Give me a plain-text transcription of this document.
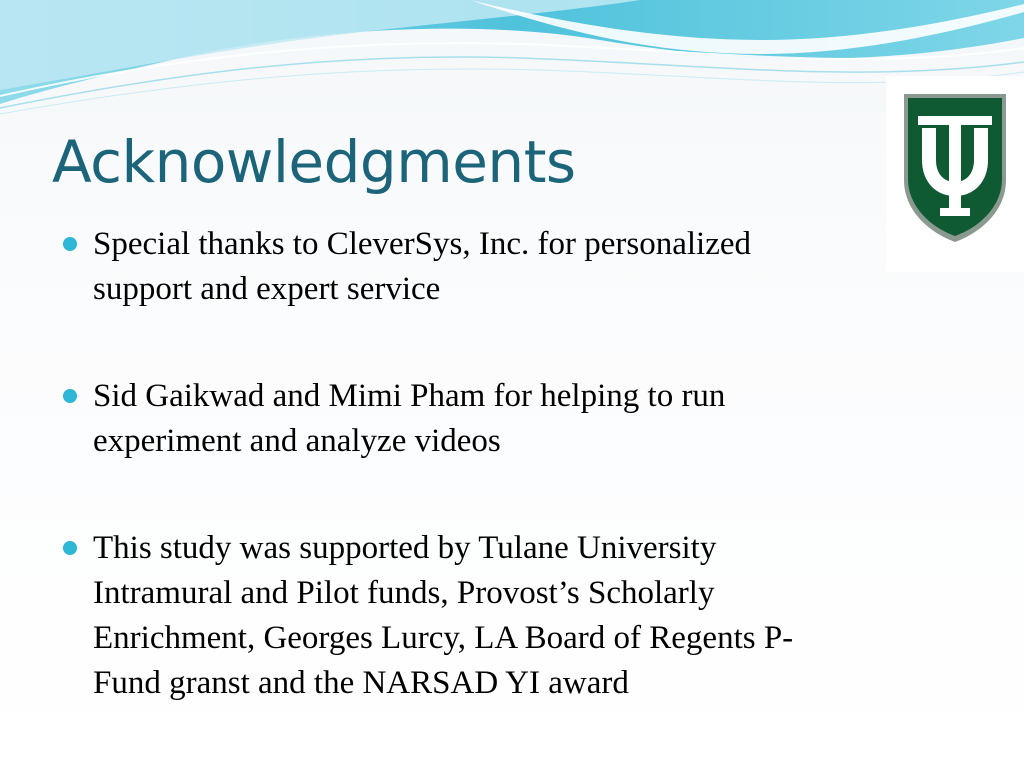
Acknowledgments
Special thanks to CleverSys, Inc. for personalized
support and expert service
Sid Gaikwad and Mimi Pham for helping to run
experiment and analyze videos
This study was supported by Tulane University
Intramural and Pilot funds, Provost’s Scholarly
Enrichment, Georges Lurcy, LA Board of Regents P-
Fund granst and the NARSAD YI award
